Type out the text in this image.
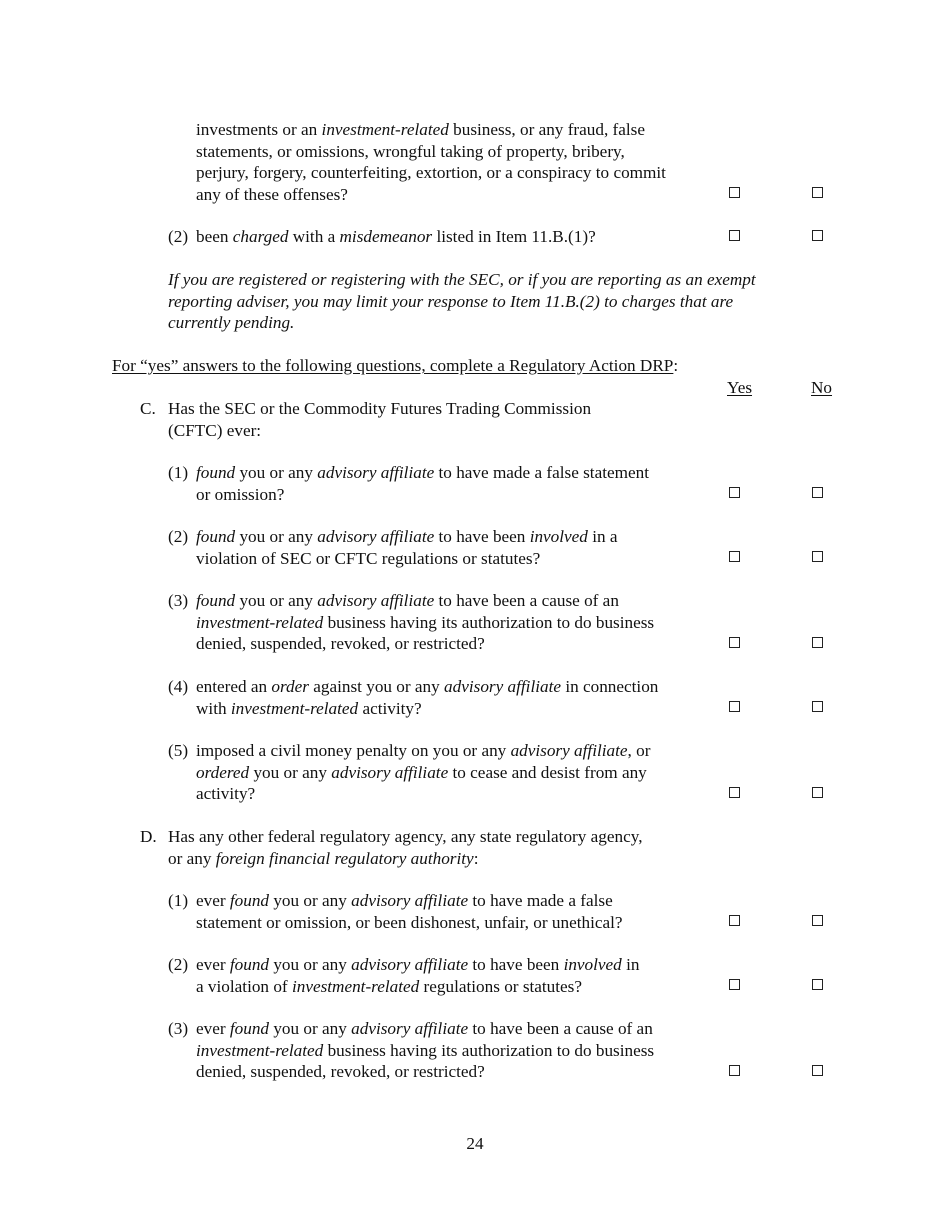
investments or an investment-related business, or any fraud, false
statements, or omissions, wrongful taking of property, bribery,
perjury, forgery, counterfeiting, extortion, or a conspiracy to commit
any of these offenses?
(2) been charged with a misdemeanor listed in Item 11.B.(1)?
If you are registered or registering with the SEC, or if you are reporting as an exempt
reporting adviser, you may limit your response to Item 11.B.(2) to charges that are
currently pending.
For “yes” answers to the following questions, complete a Regulatory Action DRP:
Yes	No
C. Has the SEC or the Commodity Futures Trading Commission
(CFTC) ever:
(1) found you or any advisory affiliate to have made a false statement
or omission?
(2) found you or any advisory affiliate to have been involved in a
violation of SEC or CFTC regulations or statutes?
(3) found you or any advisory affiliate to have been a cause of an
investment-related business having its authorization to do business
denied, suspended, revoked, or restricted?
(4) entered an order against you or any advisory affiliate in connection
with investment-related activity?
(5) imposed a civil money penalty on you or any advisory affiliate, or
ordered you or any advisory affiliate to cease and desist from any
activity?
D. Has any other federal regulatory agency, any state regulatory agency,
or any foreign financial regulatory authority:
(1) ever found you or any advisory affiliate to have made a false
statement or omission, or been dishonest, unfair, or unethical?
(2) ever found you or any advisory affiliate to have been involved in
a violation of investment-related regulations or statutes?
(3) ever found you or any advisory affiliate to have been a cause of an
investment-related business having its authorization to do business
denied, suspended, revoked, or restricted?
24
